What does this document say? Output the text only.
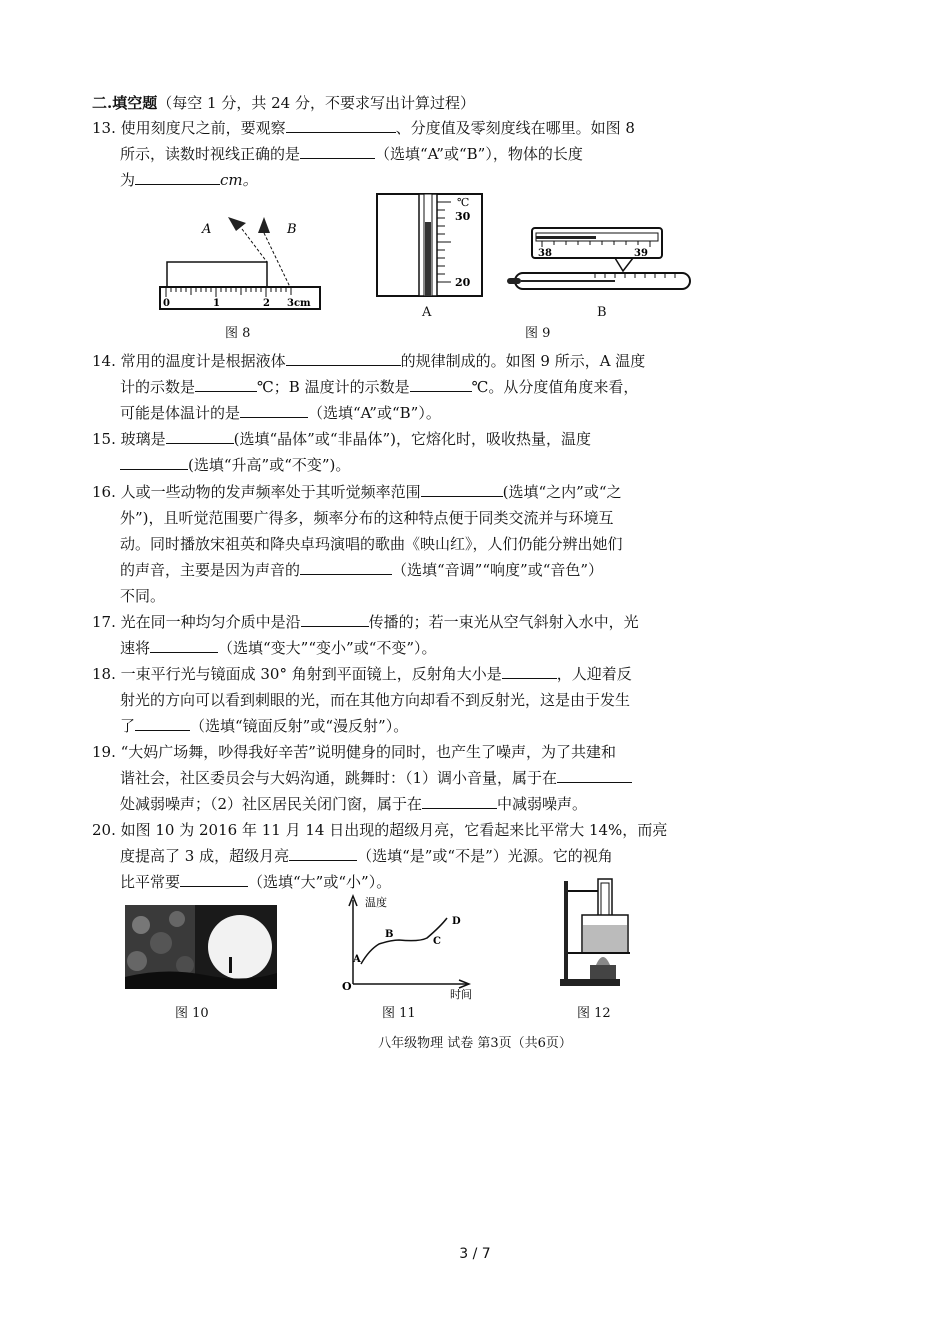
二.填空题（每空 1 分，共 24 分，不要求写出计算过程）
13. 使用刻度尺之前，要观察	、分度值及零刻度线在哪里。如图 8
所示，读数时视线正确的是	（选填“A”或“B”），物体的长度
为	cm。
0	1	2 3cm
A	B
图 8
℃
30
20
A
38	39
B
图 9
14. 常用的温度计是根据液体	的规律制成的。如图 9 所示，A 温度
计的示数是	℃；B 温度计的示数是	℃。从分度值角度来看，
可能是体温计的是	（选填“A”或“B”）。
15. 玻璃是	(选填“晶体”或“非晶体”)，它熔化时，吸收热量，温度
(选填“升高”或“不变”)。
16. 人或一些动物的发声频率处于其听觉频率范围	(选填“之内”或“之
外”)，且听觉范围要广得多，频率分布的这种特点便于同类交流并与环境互
动。同时播放宋祖英和降央卓玛演唱的歌曲《映山红》，人们仍能分辨出她们
的声音，主要是因为声音的	（选填“音调”“响度”或“音色”）
不同。
17. 光在同一种均匀介质中是沿	传播的；若一束光从空气斜射入水中，光
速将	（选填“变大”“变小”或“不变”）。
18. 一束平行光与镜面成 30° 角射到平面镜上，反射角大小是	，人迎着反
射光的方向可以看到刺眼的光，而在其他方向却看不到反射光，这是由于发生
了	（选填“镜面反射”或“漫反射”）。
19. “大妈广场舞，吵得我好辛苦”说明健身的同时，也产生了噪声，为了共建和
谐社会，社区委员会与大妈沟通，跳舞时：（1）调小音量，属于在
处减弱噪声；（2）社区居民关闭门窗，属于在	中减弱噪声。
20. 如图 10 为 2016 年 11 月 14 日出现的超级月亮，它看起来比平常大 14%，而亮
度提高了 3 成，超级月亮	（选填“是”或“不是”）光源。它的视角
比平常要	（选填“大”或“小”）。
图 10
温度
时间
O
A
B
C
D
图 11	图 12
八年级物理 试卷 第3页（共6页）
3 / 7
